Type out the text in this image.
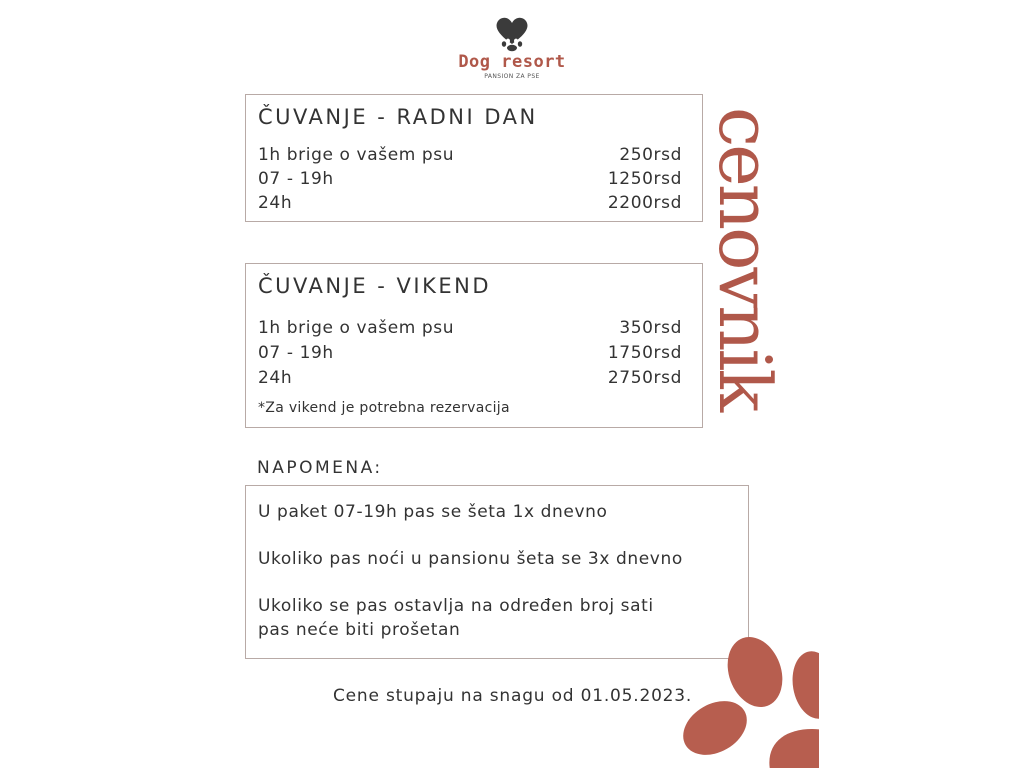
Dog resort
PANSION ZA PSE
ČUVANJE - RADNI DAN
1h brige o vašem psu	250rsd
07 - 19h	1250rsd
24h	2200rsd
ČUVANJE - VIKEND
1h brige o vašem psu	350rsd
07 - 19h	1750rsd
24h	2750rsd
*Za vikend je potrebna rezervacija
NAPOMENA:
U paket 07-19h pas se šeta 1x dnevno
Ukoliko pas noći u pansionu šeta se 3x dnevno
Ukoliko se pas ostavlja na određen broj sati
pas neće biti prošetan
Cene stupaju na snagu od 01.05.2023.
cenovnik
